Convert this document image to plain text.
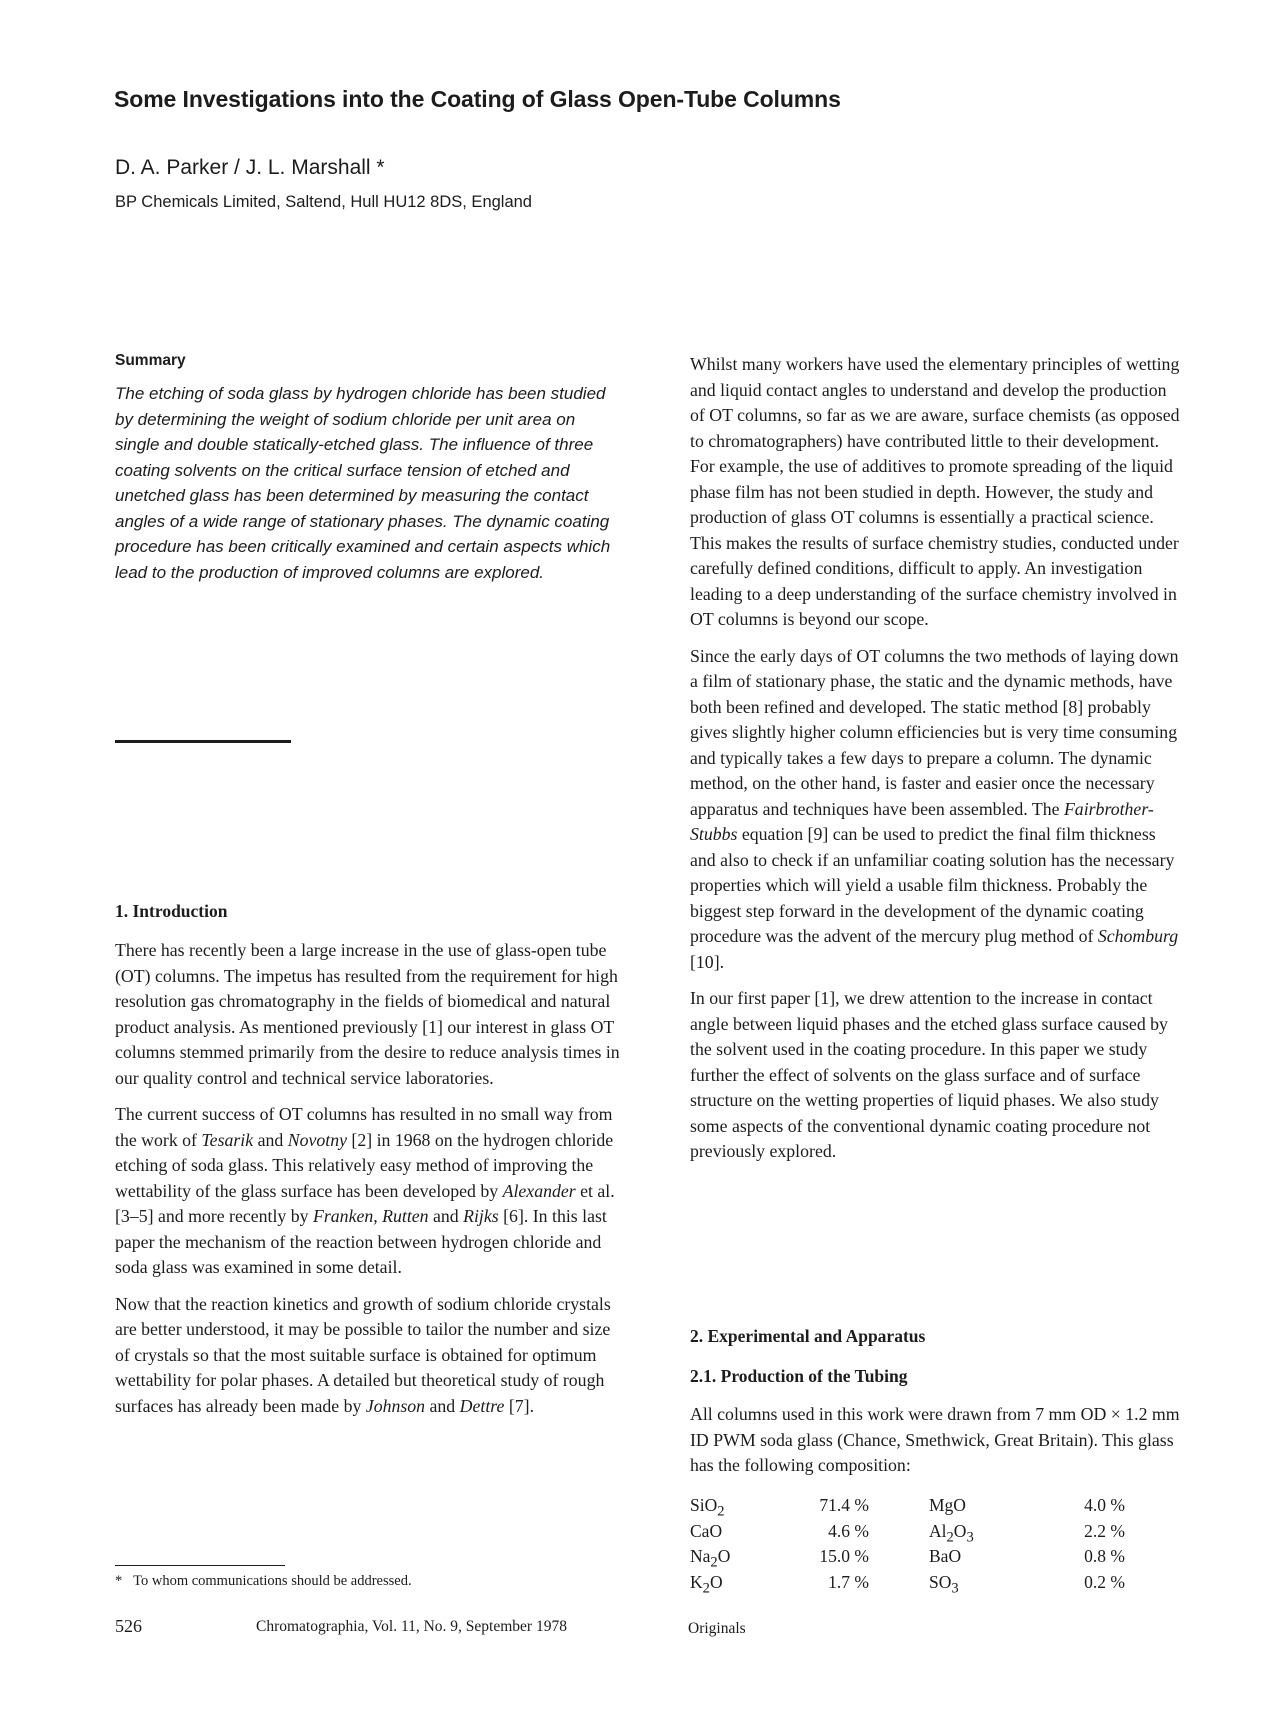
Some Investigations into the Coating of Glass Open-Tube Columns
D. A. Parker / J. L. Marshall *
BP Chemicals Limited, Saltend, Hull HU12 8DS, England
Summary
The etching of soda glass by hydrogen chloride has been studied by determining the weight of sodium chloride per unit area on single and double statically-etched glass. The influence of three coating solvents on the critical surface tension of etched and unetched glass has been determined by measuring the contact angles of a wide range of stationary phases. The dynamic coating procedure has been critically examined and certain aspects which lead to the production of improved columns are explored.
1. Introduction

There has recently been a large increase in the use of glass-open tube (OT) columns. The impetus has resulted from the requirement for high resolution gas chromatography in the fields of biomedical and natural product analysis. As mentioned previously [1] our interest in glass OT columns stemmed primarily from the desire to reduce analysis times in our quality control and technical service laboratories.

The current success of OT columns has resulted in no small way from the work of Tesarik and Novotny [2] in 1968 on the hydrogen chloride etching of soda glass. This relatively easy method of improving the wettability of the glass surface has been developed by Alexander et al. [3–5] and more recently by Franken, Rutten and Rijks [6]. In this last paper the mechanism of the reaction between hydrogen chloride and soda glass was examined in some detail.

Now that the reaction kinetics and growth of sodium chloride crystals are better understood, it may be possible to tailor the number and size of crystals so that the most suitable surface is obtained for optimum wettability for polar phases. A detailed but theoretical study of rough surfaces has already been made by Johnson and Dettre [7].

Whilst many workers have used the elementary principles of wetting and liquid contact angles to understand and develop the production of OT columns, so far as we are aware, surface chemists (as opposed to chromatographers) have contributed little to their development. For example, the use of additives to promote spreading of the liquid phase film has not been studied in depth. However, the study and production of glass OT columns is essentially a practical science. This makes the results of surface chemistry studies, conducted under carefully defined conditions, difficult to apply. An investigation leading to a deep understanding of the surface chemistry involved in OT columns is beyond our scope.

Since the early days of OT columns the two methods of laying down a film of stationary phase, the static and the dynamic methods, have both been refined and developed. The static method [8] probably gives slightly higher column efficiencies but is very time consuming and typically takes a few days to prepare a column. The dynamic method, on the other hand, is faster and easier once the necessary apparatus and techniques have been assembled. The Fairbrother-Stubbs equation [9] can be used to predict the final film thickness and also to check if an unfamiliar coating solution has the necessary properties which will yield a usable film thickness. Probably the biggest step forward in the development of the dynamic coating procedure was the advent of the mercury plug method of Schomburg [10].

In our first paper [1], we drew attention to the increase in contact angle between liquid phases and the etched glass surface caused by the solvent used in the coating procedure. In this paper we study further the effect of solvents on the glass surface and of surface structure on the wetting properties of liquid phases. We also study some aspects of the conventional dynamic coating procedure not previously explored.

2. Experimental and Apparatus
2.1. Production of the Tubing
All columns used in this work were drawn from 7 mm OD × 1.2 mm ID PWM soda glass (Chance, Smethwick, Great Britain). This glass has the following composition:
SiO$_2$	71.4 %	MgO	4.0 %
CaO	4.6 %	$Al_2O_3$	2.2 %
$Na_2O$	15.0 %	BaO	0.8 %
$K_2O$	1.7 %	$SO_3$	0.2 %
* To whom communications should be addressed.
526	Chromatographia, Vol. 11, No. 9, September 1978	Originals
